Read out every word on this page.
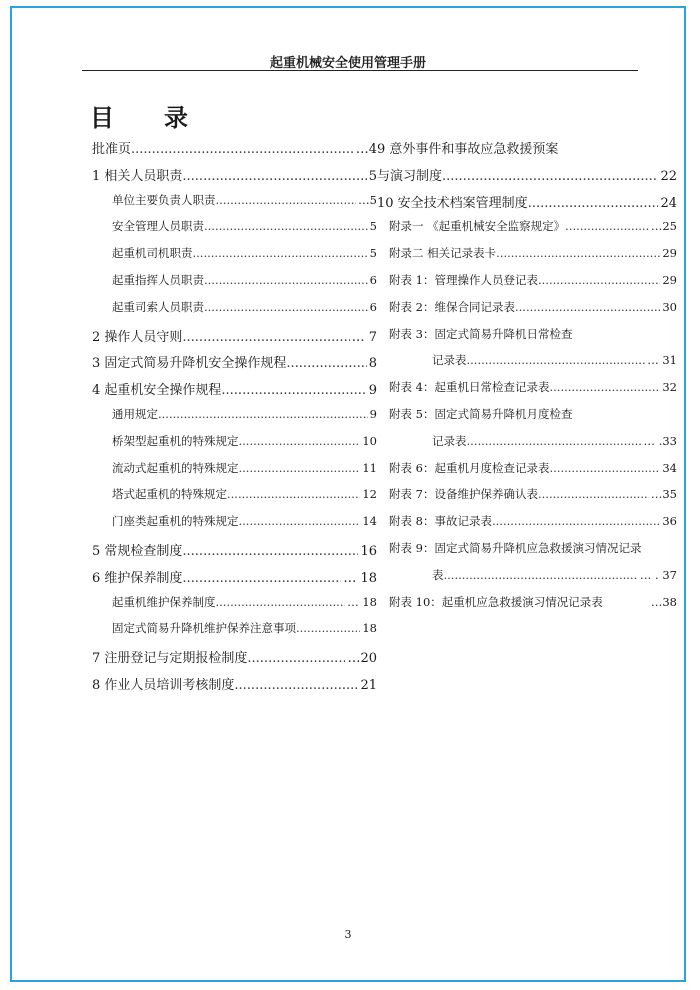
起重机械安全使用管理手册
目录
批准页 .....	…4
1 相关人员职责 .....	5
单位主要负责人职责 .....	…5
安全管理人员职责 .....	5
起重机司机职责 .....	5
起重指挥人员职责 .....	6
起重司索人员职责 .....	6
2 操作人员守则 .....	… 7
3 固定式简易升降机安全操作规程 .....	8
4 起重机安全操作规程 .....	9
通用规定 .....	9
桥架型起重机的特殊规定 .....	10
流动式起重机的特殊规定 .....	11
塔式起重机的特殊规定 .....	12
门座类起重机的特殊规定 .....	14
5 常规检查制度 .....	16
6 维护保养制度 .....	… 18
起重机维护保养制度 .....	… 18
固定式简易升降机维护保养注意事项 .....	18
7 注册登记与定期报检制度 .....	…20
8 作业人员培训考核制度 .....	21
9 意外事件和事故应急救援预案
与演习制度 .....	22
10 安全技术档案管理制度 .....	24
附录一 《起重机械安全监察规定》 .....	…25
附录二 相关记录表卡 .....	29
附表 1：管理操作人员登记表 .....	29
附表 2：维保合同记录表 .....	30
附表 3：固定式简易升降机日常检查
记录表 .....	… 31
附表 4：起重机日常检查记录表 .....	32
附表 5：固定式简易升降机月度检查
记录表 .....	… .33
附表 6：起重机月度检查记录表 .....	34
附表 7：设备维护保养确认表 .....	…35
附表 8：事故记录表 .....	36
附表 9：固定式简易升降机应急救援演习情况记录
表 .....	… . 37
附表 10：起重机应急救援演习情况记录表	…38
3
